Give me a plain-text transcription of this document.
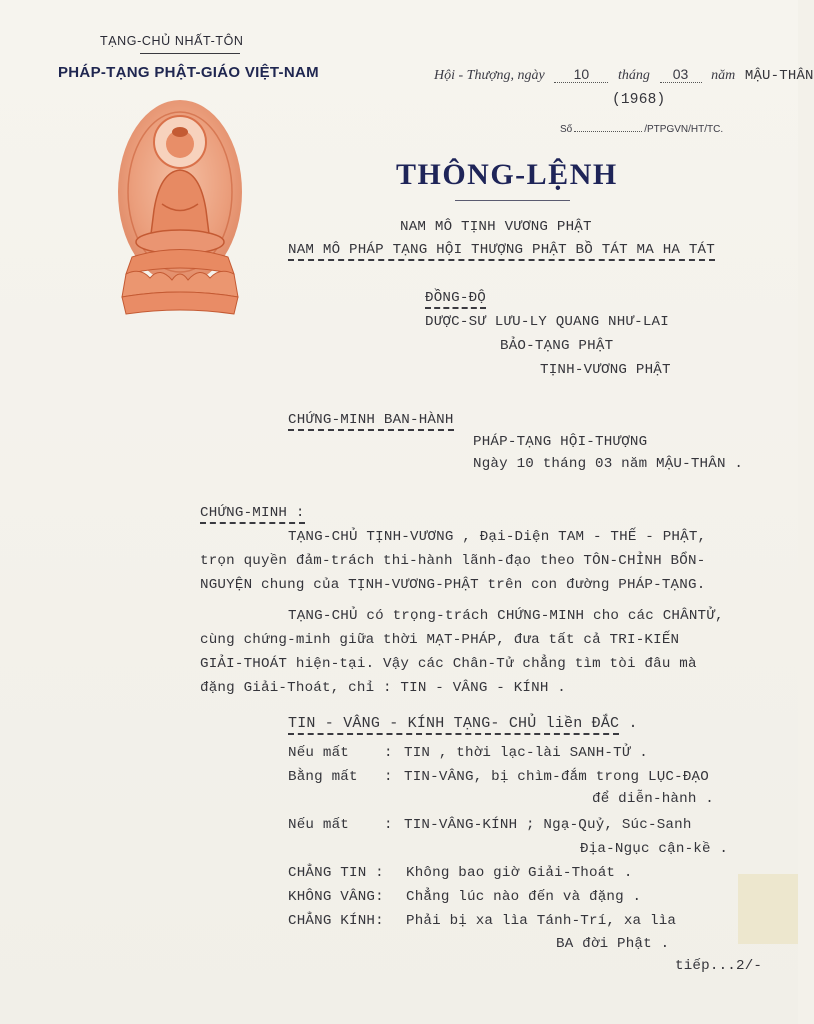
TẠNG-CHỦ NHẤT-TÔN
PHÁP-TẠNG PHẬT-GIÁO VIỆT-NAM	Hội - Thượng, ngày 10 tháng 03 năm MẬU-THÂN
(1968)
Số	/PTPGVN/HT/TC.
THÔNG-LỆNH
NAM MÔ TỊNH VƯƠNG PHẬT
NAM MÔ PHÁP TẠNG HỘI THƯỢNG PHẬT BỒ TÁT MA HA TÁT
ĐỒNG-ĐỘ
DƯỢC-SƯ LƯU-LY QUANG NHƯ-LAI
BẢO-TẠNG PHẬT
TỊNH-VƯƠNG PHẬT
CHỨNG-MINH BAN-HÀNH
PHÁP-TẠNG HỘI-THƯỢNG
Ngày 10 tháng 03 năm MẬU-THÂN .
CHỨNG-MINH :
TẠNG-CHỦ TỊNH-VƯƠNG , Đại-Diện TAM - THẾ - PHẬT,
trọn quyền đảm-trách thi-hành lãnh-đạo theo TÔN-CHỈNH BỔN-
NGUYỆN chung của TỊNH-VƯƠNG-PHẬT trên con đường PHÁP-TẠNG.
TẠNG-CHỦ có trọng-trách CHỨNG-MINH cho các CHÂNTỬ,
cùng chứng-minh giữa thời MẠT-PHÁP, đưa tất cả TRI-KIẾN
GIẢI-THOÁT hiện-tại. Vậy các Chân-Tử chẳng tìm tòi đâu mà
đặng Giải-Thoát, chỉ : TIN - VÂNG - KÍNH .
TIN - VÂNG - KÍNH TẠNG- CHỦ liền ĐẮC .
Nếu mất : TIN , thời lạc-lài SANH-TỬ .
Bằng mất : TIN-VÂNG, bị chìm-đắm trong LỤC-ĐẠO
để diễn-hành .
Nếu mất : TIN-VÂNG-KÍNH ; Ngạ-Quỷ, Súc-Sanh
Địa-Ngục cận-kề .
CHẲNG TIN : Không bao giờ Giải-Thoát .
KHÔNG VÂNG: Chẳng lúc nào đến và đặng .
CHẲNG KÍNH: Phải bị xa lìa Tánh-Trí, xa lìa
BA đời Phật .
tiếp...2/-
